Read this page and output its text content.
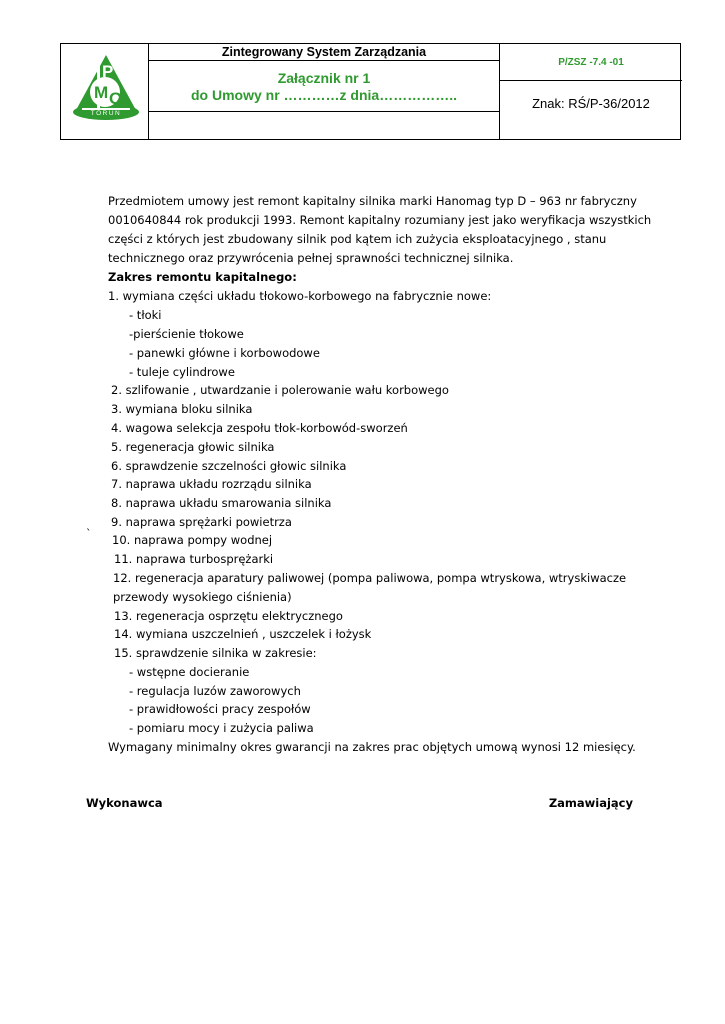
P
M O
S.A.
TORUŃ
Zintegrowany System Zarządzania
Załącznik nr 1
do Umowy nr …………z dnia……………..
P/ZSZ -7.4 -01
Znak: RŚ/P-36/2012
Przedmiotem umowy jest remont kapitalny silnika marki Hanomag typ D – 963 nr fabryczny
0010640844 rok produkcji 1993. Remont kapitalny rozumiany jest jako weryfikacja wszystkich
części z których jest zbudowany silnik pod kątem ich zużycia eksploatacyjnego , stanu
technicznego oraz przywrócenia pełnej sprawności technicznej silnika.
Zakres remontu kapitalnego:
1. wymiana części układu tłokowo-korbowego na fabrycznie nowe:
- tłoki
-pierścienie tłokowe
- panewki główne i korbowodowe
- tuleje cylindrowe
2. szlifowanie , utwardzanie i polerowanie wału korbowego
3. wymiana bloku silnika
4. wagowa selekcja zespołu tłok-korbowód-sworzeń
5. regeneracja głowic silnika
6. sprawdzenie szczelności głowic silnika
7. naprawa układu rozrządu silnika
8. naprawa układu smarowania silnika
9. naprawa sprężarki powietrza
10. naprawa pompy wodnej
11. naprawa turbosprężarki
12. regeneracja aparatury paliwowej (pompa paliwowa, pompa wtryskowa, wtryskiwacze
przewody wysokiego ciśnienia)
13. regeneracja osprzętu elektrycznego
14. wymiana uszczelnień , uszczelek i łożysk
15. sprawdzenie silnika w zakresie:
- wstępne docieranie
- regulacja luzów zaworowych
- prawidłowości pracy zespołów
- pomiaru mocy i zużycia paliwa
Wymagany minimalny okres gwarancji na zakres prac objętych umową wynosi 12 miesięcy.
`
Wykonawca	Zamawiający
